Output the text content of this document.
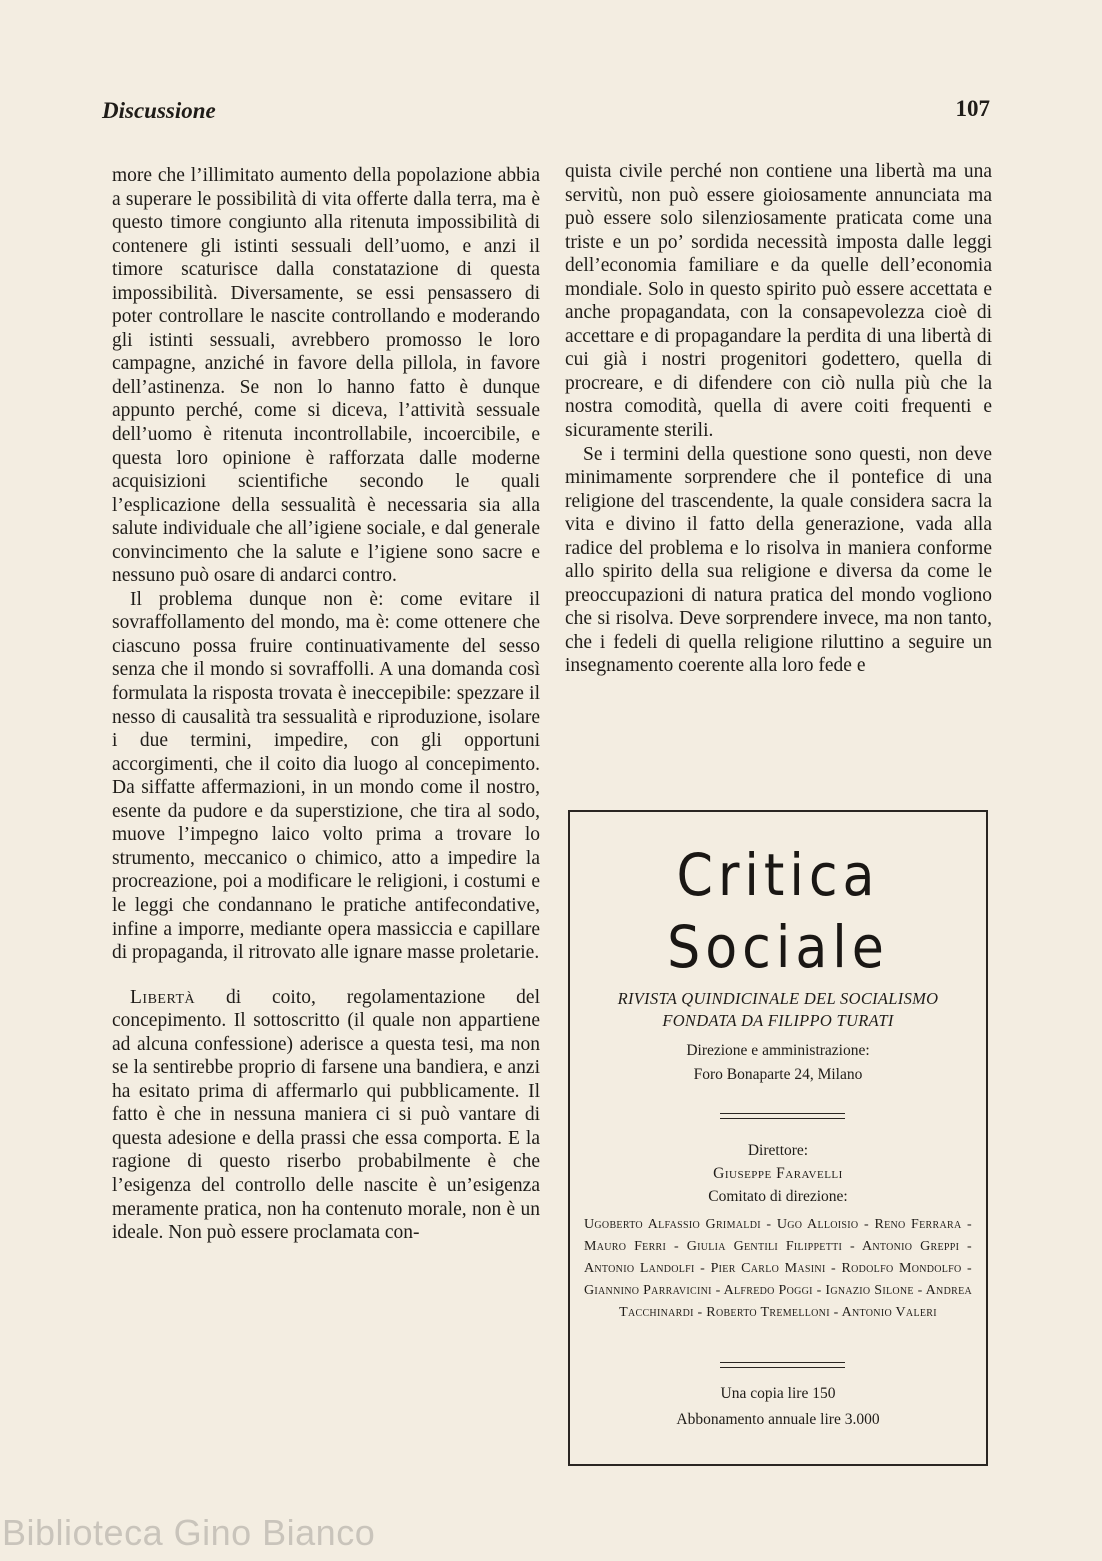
Discussione	107

more che l’illimitato aumento della popolazione abbia a superare le possibilità di vita offerte dalla terra, ma è questo timore congiunto alla ritenuta impossibilità di contenere gli istinti sessuali dell’uomo, e anzi il timore scaturisce dalla constatazione di questa impossibilità. Diversamente, se essi pensassero di poter controllare le nascite controllando e moderando gli istinti sessuali, avrebbero promosso le loro campagne, anziché in favore della pillola, in favore dell’astinenza. Se non lo hanno fatto è dunque appunto perché, come si diceva, l’attività sessuale dell’uomo è ritenuta incontrollabile, incoercibile, e questa loro opinione è rafforzata dalle moderne acquisizioni scientifiche secondo le quali l’esplicazione della sessualità è necessaria sia alla salute individuale che all’igiene sociale, e dal generale convincimento che la salute e l’igiene sono sacre e nessuno può osare di andarci contro.

Il problema dunque non è: come evitare il sovraffollamento del mondo, ma è: come ottenere che ciascuno possa fruire continuativamente del sesso senza che il mondo si sovraffolli. A una domanda così formulata la risposta trovata è ineccepibile: spezzare il nesso di causalità tra sessualità e riproduzione, isolare i due termini, impedire, con gli opportuni accorgimenti, che il coito dia luogo al concepimento. Da siffatte affermazioni, in un mondo come il nostro, esente da pudore e da superstizione, che tira al sodo, muove l’impegno laico volto prima a trovare lo strumento, meccanico o chimico, atto a impedire la procreazione, poi a modificare le religioni, i costumi e le leggi che condannano le pratiche antifecondative, infine a imporre, mediante opera massiccia e capillare di propaganda, il ritrovato alle ignare masse proletarie.

Libertà di coito, regolamentazione del concepimento. Il sottoscritto (il quale non appartiene ad alcuna confessione) aderisce a questa tesi, ma non se la sentirebbe proprio di farsene una bandiera, e anzi ha esitato prima di affermarlo qui pubblicamente. Il fatto è che in nessuna maniera ci si può vantare di questa adesione e della prassi che essa comporta. E la ragione di questo riserbo probabilmente è che l’esigenza del controllo delle nascite è un’esigenza meramente pratica, non ha contenuto morale, non è un ideale. Non può essere proclamata con-

quista civile perché non contiene una libertà ma una servitù, non può essere gioiosamente annunciata ma può essere solo silenziosamente praticata come una triste e un po’ sordida necessità imposta dalle leggi dell’economia familiare e da quelle dell’economia mondiale. Solo in questo spirito può essere accettata e anche propagandata, con la consapevolezza cioè di accettare e di propagandare la perdita di una libertà di cui già i nostri progenitori godettero, quella di procreare, e di difendere con ciò nulla più che la nostra comodità, quella di avere coiti frequenti e sicuramente sterili.

Se i termini della questione sono questi, non deve minimamente sorprendere che il pontefice di una religione del trascendente, la quale considera sacra la vita e divino il fatto della generazione, vada alla radice del problema e lo risolva in maniera conforme allo spirito della sua religione e diversa da come le preoccupazioni di natura pratica del mondo vogliono che si risolva. Deve sorprendere invece, ma non tanto, che i fedeli di quella religione riluttino a seguire un insegnamento coerente alla loro fede e

Critica
Sociale
RIVISTA QUINDICINALE DEL SOCIALISMO
FONDATA DA FILIPPO TURATI
Direzione e amministrazione:
Foro Bonaparte 24, Milano
Direttore:
Giuseppe Faravelli
Comitato di direzione:
Ugoberto Alfassio Grimaldi - Ugo Alloisio - Reno Ferrara - Mauro Ferri - Giulia Gentili Filippetti - Antonio Greppi - Antonio Landolfi - Pier Carlo Masini - Rodolfo Mondolfo - Giannino Parravicini - Alfredo Poggi - Ignazio Silone - Andrea Tacchinardi - Roberto Tremelloni - Antonio Valeri
Una copia lire 150
Abbonamento annuale lire 3.000
Biblioteca Gino Bianco
